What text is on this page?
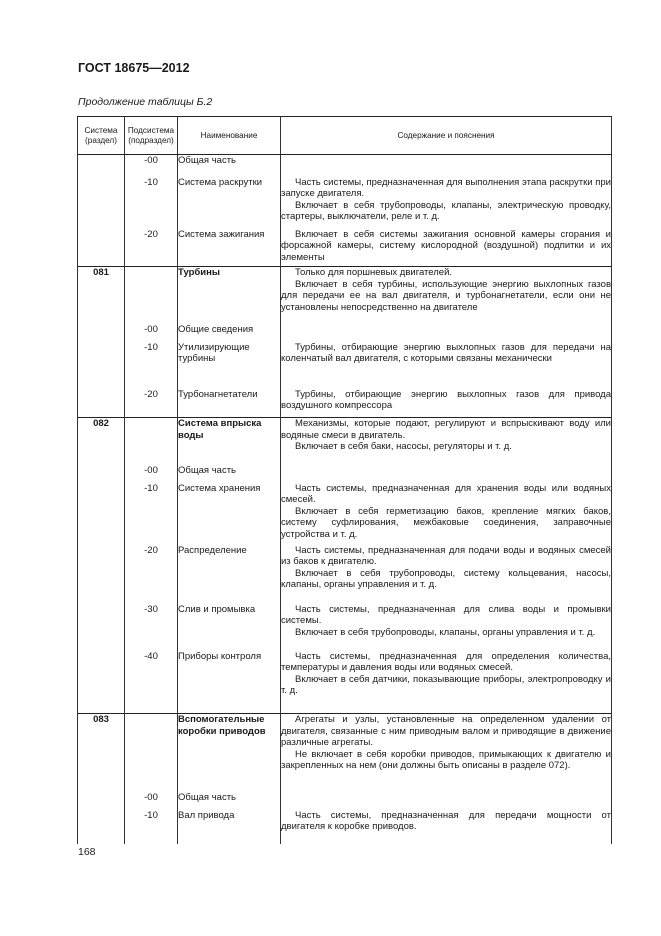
ГОСТ 18675—2012
Продолжение таблицы Б.2
Система (раздел)	Подсистема (подраздел)	Наименование	Содержание и пояснения
	-00	Общая часть	

	-10	Система раскрутки	Часть системы, предназначенная для выполнения этапа раскрутки при запуске двигателя.

Включает в себя трубопроводы, клапаны, электрическую проводку, стартеры, выключатели, реле и т. д.

	-20	Система зажигания	Включает в себя системы зажигания основной камеры сгорания и форсажной камеры, систему кислородной (воздушной) подпитки и их элементы

081		Турбины	Только для поршневых двигателей.

Включает в себя турбины, использующие энергию выхлопных газов для передачи ее на вал двигателя, и турбонагнетатели, если они не установлены непосредственно на двигателе

	-00	Общие сведения	

	-10	Утилизирующие турбины	Турбины, отбирающие энергию выхлопных газов для передачи на коленчатый вал двигателя, с которыми связаны механически

	-20	Турбонагнетатели	Турбины, отбирающие энергию выхлопных газов для привода воздушного компрессора

082		Система впрыска воды	Механизмы, которые подают, регулируют и вспрыскивают воду или водяные смеси в двигатель.

Включает в себя баки, насосы, регуляторы и т. д.

	-00	Общая часть	

	-10	Система хранения	Часть системы, предназначенная для хранения воды или водяных смесей.

Включает в себя герметизацию баков, крепление мягких баков, систему суфлирования, межбаковые соединения, заправочные устройства и т. д.

	-20	Распределение	Часть системы, предназначенная для подачи воды и водяных смесей из баков к двигателю.

Включает в себя трубопроводы, систему кольцевания, насосы, клапаны, органы управления и т. д.

	-30	Слив и промывка	Часть системы, предназначенная для слива воды и промывки системы.

Включает в себя трубопроводы, клапаны, органы управления и т. д.

	-40	Приборы контроля	Часть системы, предназначенная для определения количества, температуры и давления воды или водяных смесей.

Включает в себя датчики, показывающие приборы, электропроводку и т. д.

083		Вспомогательные коробки приводов	Агрегаты и узлы, установленные на определенном удалении от двигателя, связанные с ним приводным валом и приводящие в движение различные агрегаты.

Не включает в себя коробки приводов, примыкающих к двигателю и закрепленных на нем (они должны быть описаны в разделе 072).

	-00	Общая часть	

	-10	Вал привода	Часть системы, предназначенная для передачи мощности от двигателя к коробке приводов.

168
